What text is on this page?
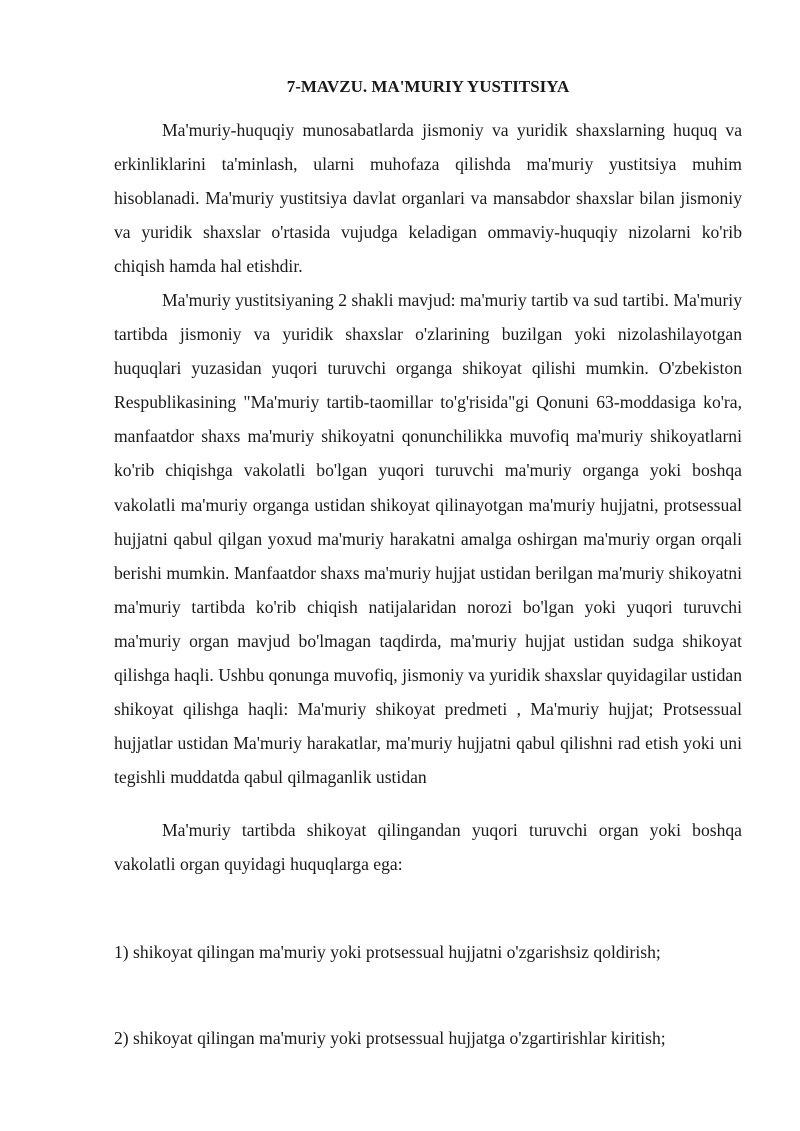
7-MAVZU. MA'MURIY YUSTITSIYA

Ma'muriy-huquqiy munosabatlarda jismoniy va yuridik shaxslarning huquq va erkinliklarini ta'minlash, ularni muhofaza qilishda ma'muriy yustitsiya muhim hisoblanadi. Ma'muriy yustitsiya davlat organlari va mansabdor shaxslar bilan jismoniy va yuridik shaxslar o'rtasida vujudga keladigan ommaviy-huquqiy nizolarni ko'rib chiqish hamda hal etishdir.

Ma'muriy yustitsiyaning 2 shakli mavjud: ma'muriy tartib va sud tartibi. Ma'muriy tartibda jismoniy va yuridik shaxslar o'zlarining buzilgan yoki nizolashilayotgan huquqlari yuzasidan yuqori turuvchi organga shikoyat qilishi mumkin. O'zbekiston Respublikasining "Ma'muriy tartib-taomillar to'g'risida"gi Qonuni 63-moddasiga ko'ra, manfaatdor shaxs ma'muriy shikoyatni qonunchilikka muvofiq ma'muriy shikoyatlarni ko'rib chiqishga vakolatli bo'lgan yuqori turuvchi ma'muriy organga yoki boshqa vakolatli ma'muriy organga ustidan shikoyat qilinayotgan ma'muriy hujjatni, protsessual hujjatni qabul qilgan yoxud ma'muriy harakatni amalga oshirgan ma'muriy organ orqali berishi mumkin. Manfaatdor shaxs ma'muriy hujjat ustidan berilgan ma'muriy shikoyatni ma'muriy tartibda ko'rib chiqish natijalaridan norozi bo'lgan yoki yuqori turuvchi ma'muriy organ mavjud bo'lmagan taqdirda, ma'muriy hujjat ustidan sudga shikoyat qilishga haqli. Ushbu qonunga muvofiq, jismoniy va yuridik shaxslar quyidagilar ustidan shikoyat qilishga haqli: Ma'muriy shikoyat predmeti , Ma'muriy hujjat; Protsessual hujjatlar ustidan Ma'muriy harakatlar, ma'muriy hujjatni qabul qilishni rad etish yoki uni tegishli muddatda qabul qilmaganlik ustidan

Ma'muriy tartibda shikoyat qilingandan yuqori turuvchi organ yoki boshqa vakolatli organ quyidagi huquqlarga ega:

1) shikoyat qilingan ma'muriy yoki protsessual hujjatni o'zgarishsiz qoldirish;

2) shikoyat qilingan ma'muriy yoki protsessual hujjatga o'zgartirishlar kiritish;
